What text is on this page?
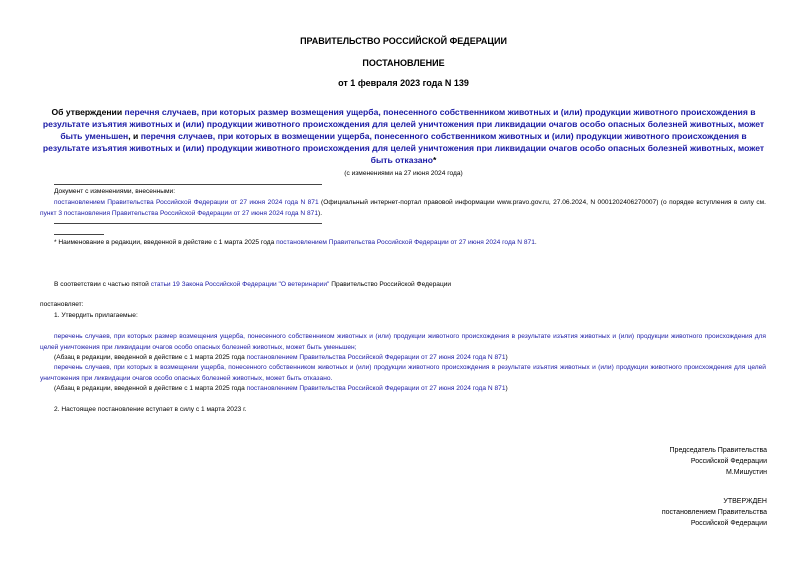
ПРАВИТЕЛЬСТВО РОССИЙСКОЙ ФЕДЕРАЦИИ
ПОСТАНОВЛЕНИЕ
от 1 февраля 2023 года N 139
Об утверждении перечня случаев, при которых размер возмещения ущерба, понесенного собственником животных и (или) продукции животного происхождения в результате изъятия животных и (или) продукции животного происхождения для целей уничтожения при ликвидации очагов особо опасных болезней животных, может быть уменьшен, и перечня случаев, при которых в возмещении ущерба, понесенного собственником животных и (или) продукции животного происхождения в результате изъятия животных и (или) продукции животного происхождения для целей уничтожения при ликвидации очагов особо опасных болезней животных, может быть отказано*
(с изменениями на 27 июня 2024 года)
Документ с изменениями, внесенными:
постановлением Правительства Российской Федерации от 27 июня 2024 года N 871 (Официальный интернет-портал правовой информации www.pravo.gov.ru, 27.06.2024, N 0001202406270007) (о порядке вступления в силу см. пункт 3 постановления Правительства Российской Федерации от 27 июня 2024 года N 871).
* Наименование в редакции, введенной в действие с 1 марта 2025 года постановлением Правительства Российской Федерации от 27 июня 2024 года N 871.
В соответствии с частью пятой статьи 19 Закона Российской Федерации "О ветеринарии" Правительство Российской Федерации
постановляет:
1. Утвердить прилагаемые:
перечень случаев, при которых размер возмещения ущерба, понесенного собственником животных и (или) продукции животного происхождения в результате изъятия животных и (или) продукции животного происхождения для целей уничтожения при ликвидации очагов особо опасных болезней животных, может быть уменьшен;
(Абзац в редакции, введенной в действие с 1 марта 2025 года постановлением Правительства Российской Федерации от 27 июня 2024 года N 871)
перечень случаев, при которых в возмещении ущерба, понесенного собственником животных и (или) продукции животного происхождения в результате изъятия животных и (или) продукции животного происхождения для целей уничтожения при ликвидации очагов особо опасных болезней животных, может быть отказано.
(Абзац в редакции, введенной в действие с 1 марта 2025 года постановлением Правительства Российской Федерации от 27 июня 2024 года N 871)
2. Настоящее постановление вступает в силу с 1 марта 2023 г.
Председатель Правительства
Российской Федерации
М.Мишустин
УТВЕРЖДЕН
постановлением Правительства
Российской Федерации
